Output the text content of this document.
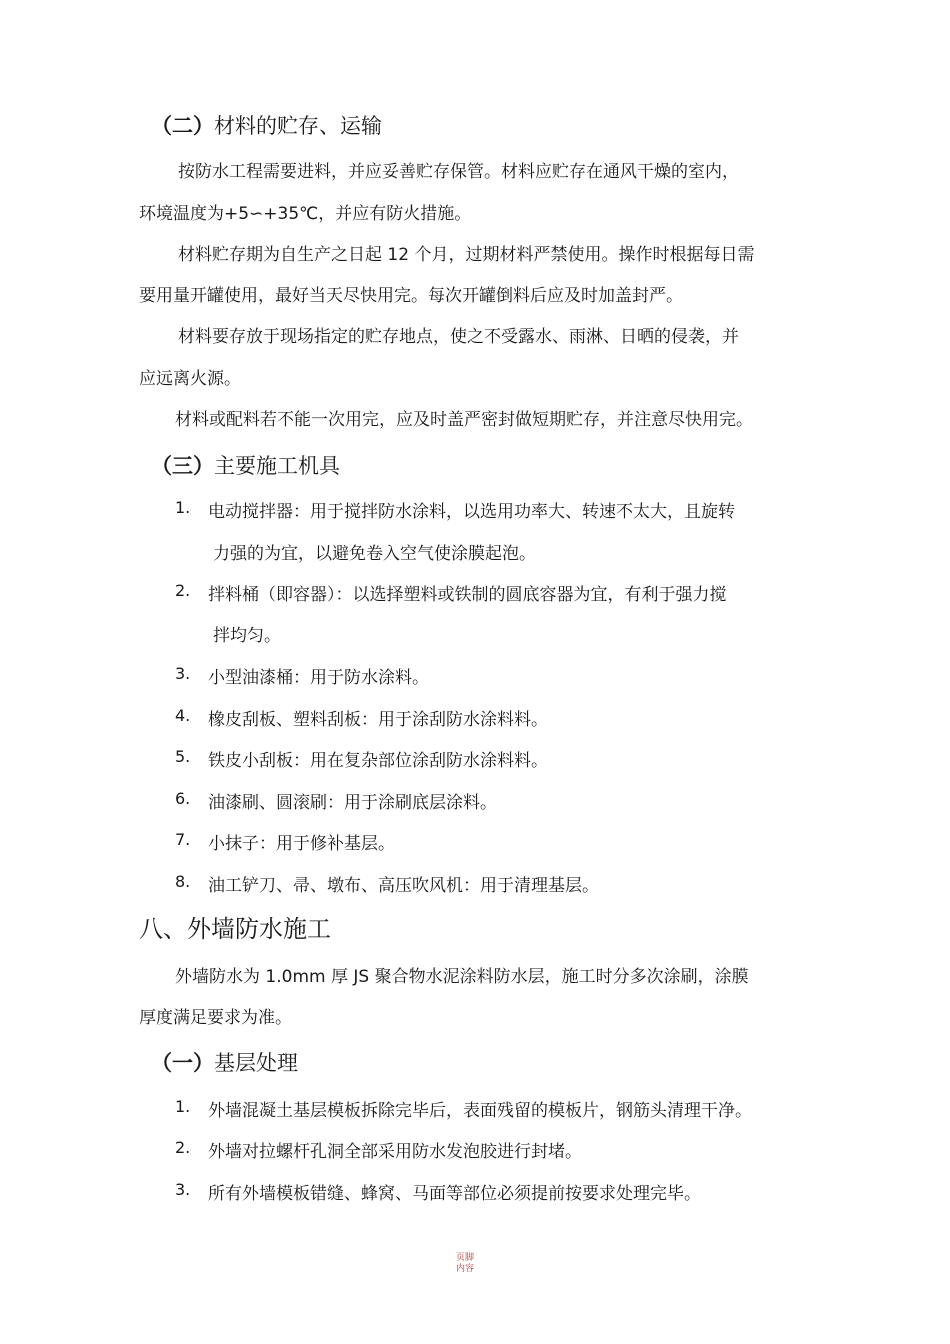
（二）材料的贮存、运输
按防水工程需要进料，并应妥善贮存保管。材料应贮存在通风干燥的室内，
环境温度为+5∽+35℃，并应有防火措施。
材料贮存期为自生产之日起 12 个月，过期材料严禁使用。操作时根据每日需
要用量开罐使用，最好当天尽快用完。每次开罐倒料后应及时加盖封严。
材料要存放于现场指定的贮存地点，使之不受露水、雨淋、日晒的侵袭，并
应远离火源。
材料或配料若不能一次用完，应及时盖严密封做短期贮存，并注意尽快用完。
（三）主要施工机具
1. 电动搅拌器：用于搅拌防水涂料，以选用功率大、转速不太大，且旋转
力强的为宜，以避免卷入空气使涂膜起泡。
2. 拌料桶（即容器）：以选择塑料或铁制的圆底容器为宜，有利于强力搅
拌均匀。
3. 小型油漆桶：用于防水涂料。
4. 橡皮刮板、塑料刮板：用于涂刮防水涂料料。
5. 铁皮小刮板：用在复杂部位涂刮防水涂料料。
6. 油漆刷、圆滚刷：用于涂刷底层涂料。
7. 小抹子：用于修补基层。
8. 油工铲刀、帚、墩布、高压吹风机：用于清理基层。
八、外墙防水施工
外墙防水为 1.0mm 厚 JS 聚合物水泥涂料防水层，施工时分多次涂刷，涂膜
厚度满足要求为准。
（一）基层处理
1. 外墙混凝土基层模板拆除完毕后，表面残留的模板片，钢筋头清理干净。
2. 外墙对拉螺杆孔洞全部采用防水发泡胶进行封堵。
3. 所有外墙模板错缝、蜂窝、马面等部位必须提前按要求处理完毕。
页脚内容
